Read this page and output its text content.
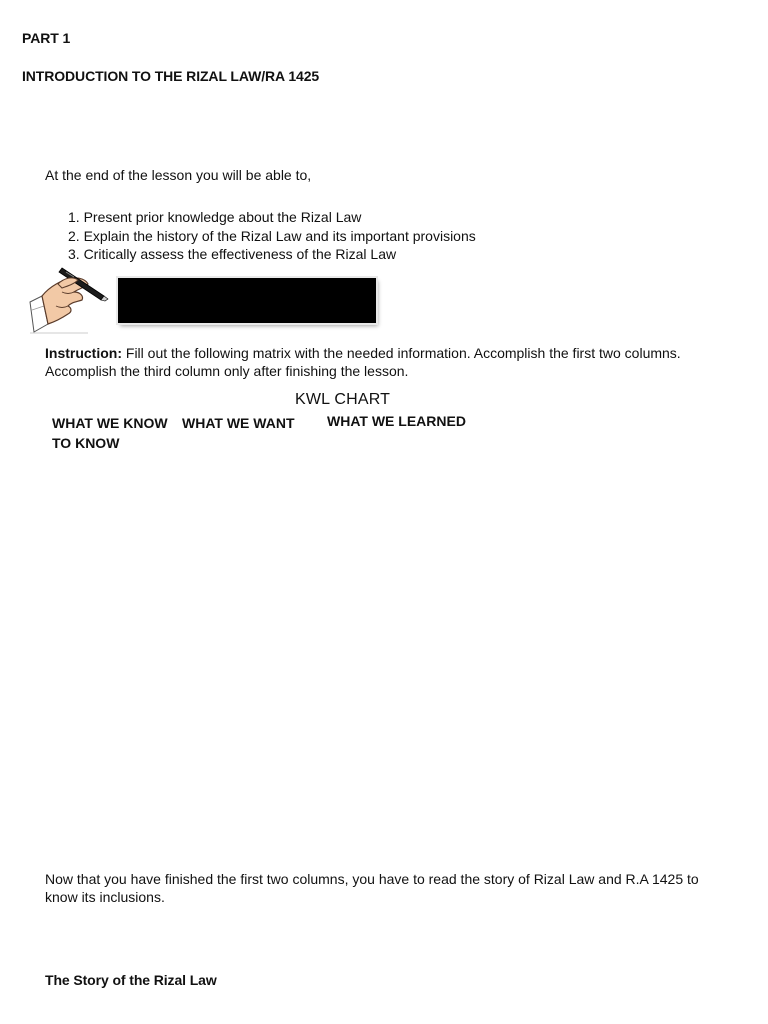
PART 1
INTRODUCTION TO THE RIZAL LAW/RA 1425
At the end of the lesson you will be able to,
1. Present prior knowledge about the Rizal Law
2. Explain the history of the Rizal Law and its important provisions
3. Critically assess the effectiveness of the Rizal Law
Instruction: Fill out the following matrix with the needed information. Accomplish the first two columns. Accomplish the third column only after finishing the lesson.
KWL CHART
WHAT WE KNOW	WHAT WE WANT TO KNOW
WHAT WE LEARNED
Now that you have finished the first two columns, you have to read the story of Rizal Law and R.A 1425 to know its inclusions.
The Story of the Rizal Law
